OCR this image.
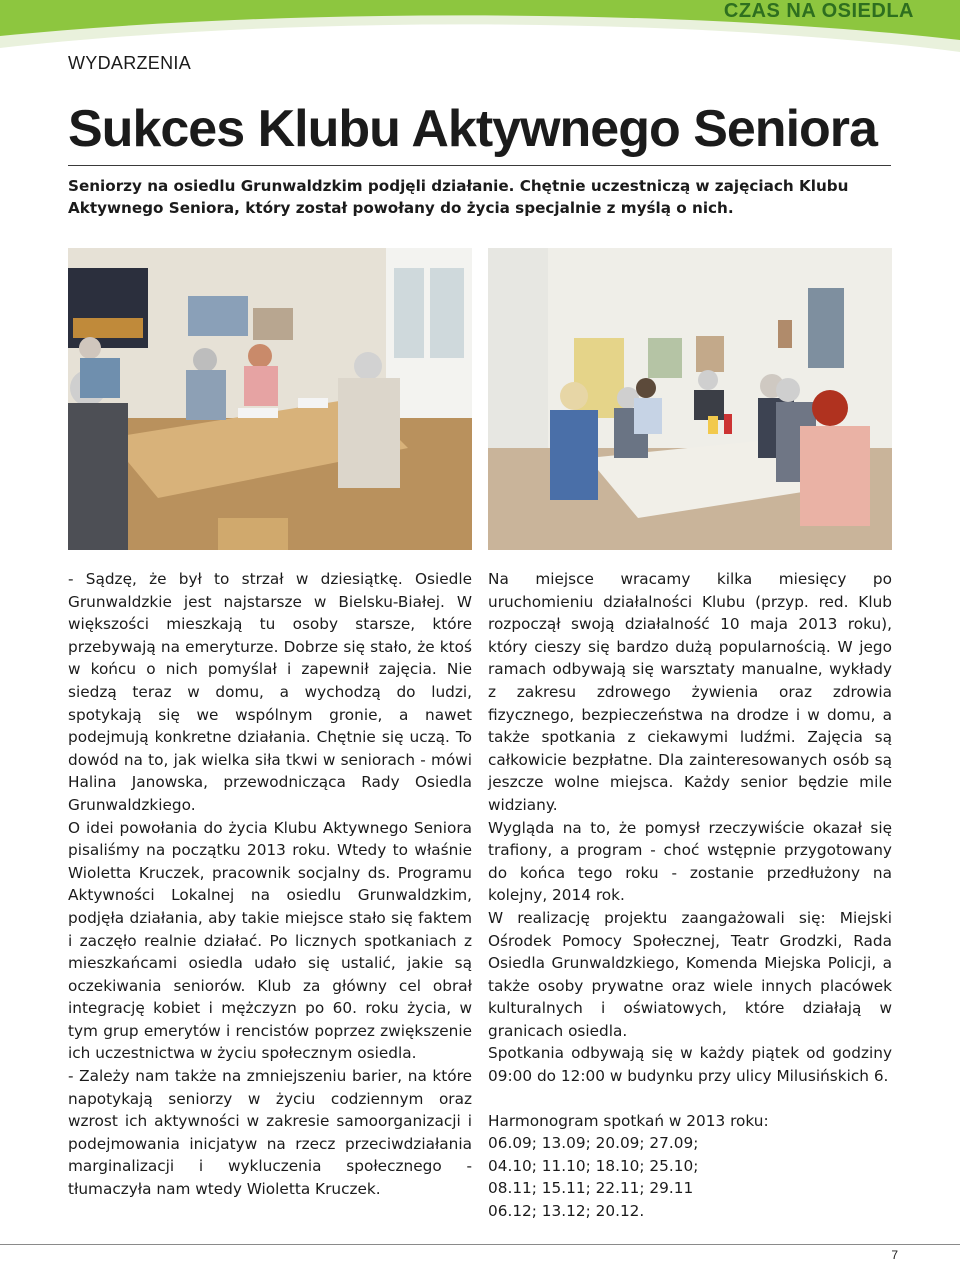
CZAS NA OSIEDLA
WYDARZENIA
Sukces Klubu Aktywnego Seniora

Seniorzy na osiedlu Grunwaldzkim podjęli działanie. Chętnie uczestniczą w zajęciach Klubu Aktywnego Seniora, który został powołany do życia specjalnie z myślą o nich.

- Sądzę, że był to strzał w dziesiątkę. Osiedle Grunwaldzkie jest najstarsze w Bielsku-Białej. W większości mieszkają tu osoby starsze, które przebywają na emeryturze. Dobrze się stało, że ktoś w końcu o nich pomyślał i zapewnił zajęcia. Nie siedzą teraz w domu, a wychodzą do ludzi, spotykają się we wspólnym gronie, a nawet podejmują konkretne działania. Chętnie się uczą. To dowód na to, jak wielka siła tkwi w seniorach - mówi Halina Janowska, przewodnicząca Rady Osiedla Grunwaldzkiego.

O idei powołania do życia Klubu Aktywnego Seniora pisaliśmy na początku 2013 roku. Wtedy to właśnie Wioletta Kruczek, pracownik socjalny ds. Programu Aktywności Lokalnej na osiedlu Grunwaldzkim, podjęła działania, aby takie miejsce stało się faktem i zaczęło realnie działać. Po licznych spotkaniach z mieszkańcami osiedla udało się ustalić, jakie są oczekiwania seniorów. Klub za główny cel obrał integrację kobiet i mężczyzn po 60. roku życia, w tym grup emerytów i rencistów poprzez zwiększenie ich uczestnictwa w życiu społecznym osiedla.

- Zależy nam także na zmniejszeniu barier, na które napotykają seniorzy w życiu codziennym oraz wzrost ich aktywności w zakresie samoorganizacji i podejmowania inicjatyw na rzecz przeciwdziałania marginalizacji i wykluczenia społecznego - tłumaczyła nam wtedy Wioletta Kruczek.

Na miejsce wracamy kilka miesięcy po uruchomieniu działalności Klubu (przyp. red. Klub rozpoczął swoją działalność 10 maja 2013 roku), który cieszy się bardzo dużą popularnością. W jego ramach odbywają się warsztaty manualne, wykłady z zakresu zdrowego żywienia oraz zdrowia fizycznego, bezpieczeństwa na drodze i w domu, a także spotkania z ciekawymi ludźmi. Zajęcia są całkowicie bezpłatne. Dla zainteresowanych osób są jeszcze wolne miejsca. Każdy senior będzie mile widziany.

Wygląda na to, że pomysł rzeczywiście okazał się trafiony, a program - choć wstępnie przygotowany do końca tego roku - zostanie przedłużony na kolejny, 2014 rok.

W realizację projektu zaangażowali się: Miejski Ośrodek Pomocy Społecznej, Teatr Grodzki, Rada Osiedla Grunwaldzkiego, Komenda Miejska Policji, a także osoby prywatne oraz wiele innych placówek kulturalnych i oświatowych, które działają w granicach osiedla.

Spotkania odbywają się w każdy piątek od godziny 09:00 do 12:00 w budynku przy ulicy Milusińskich 6.

Harmonogram spotkań w 2013 roku:

06.09; 13.09; 20.09; 27.09;

04.10; 11.10; 18.10; 25.10;

08.11; 15.11; 22.11; 29.11

06.12; 13.12; 20.12.

7
